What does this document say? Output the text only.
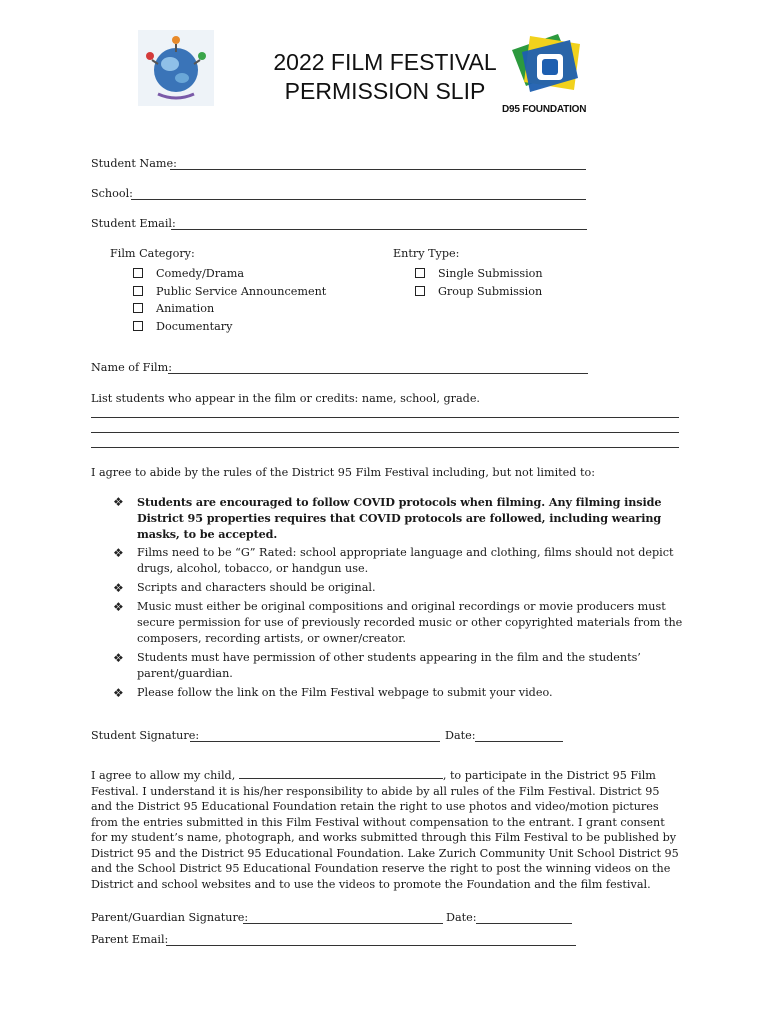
2022 FILM FESTIVAL
PERMISSION SLIP
D95 FOUNDATION
Student Name:
School:
Student Email:
Film Category:
Comedy/Drama
Public Service Announcement
Animation
Documentary
Entry Type:
Single Submission
Group Submission
Name of Film:
List students who appear in the film or credits: name, school, grade.
I agree to abide by the rules of the District 95 Film Festival including, but not limited to:
❖ Students are encouraged to follow COVID protocols when filming. Any filming inside District 95 properties requires that COVID protocols are followed, including wearing masks, to be accepted.
❖ Films need to be “G” Rated: school appropriate language and clothing, films should not depict drugs, alcohol, tobacco, or handgun use.
❖ Scripts and characters should be original.
❖ Music must either be original compositions and original recordings or movie producers must secure permission for use of previously recorded music or other copyrighted materials from the composers, recording artists, or owner/creator.
❖ Students must have permission of other students appearing in the film and the students’ parent/guardian.
❖ Please follow the link on the Film Festival webpage to submit your video.
Student Signature:	Date:
I agree to allow my child,	, to participate in the District 95 Film Festival. I understand it is his/her responsibility to abide by all rules of the Film Festival. District 95 and the District 95 Educational Foundation retain the right to use photos and video/motion pictures from the entries submitted in this Film Festival without compensation to the entrant. I grant consent for my student’s name, photograph, and works submitted through this Film Festival to be published by District 95 and the District 95 Educational Foundation. Lake Zurich Community Unit School District 95 and the School District 95 Educational Foundation reserve the right to post the winning videos on the District and school websites and to use the videos to promote the Foundation and the film festival.
Parent/Guardian Signature:	Date:
Parent Email:
